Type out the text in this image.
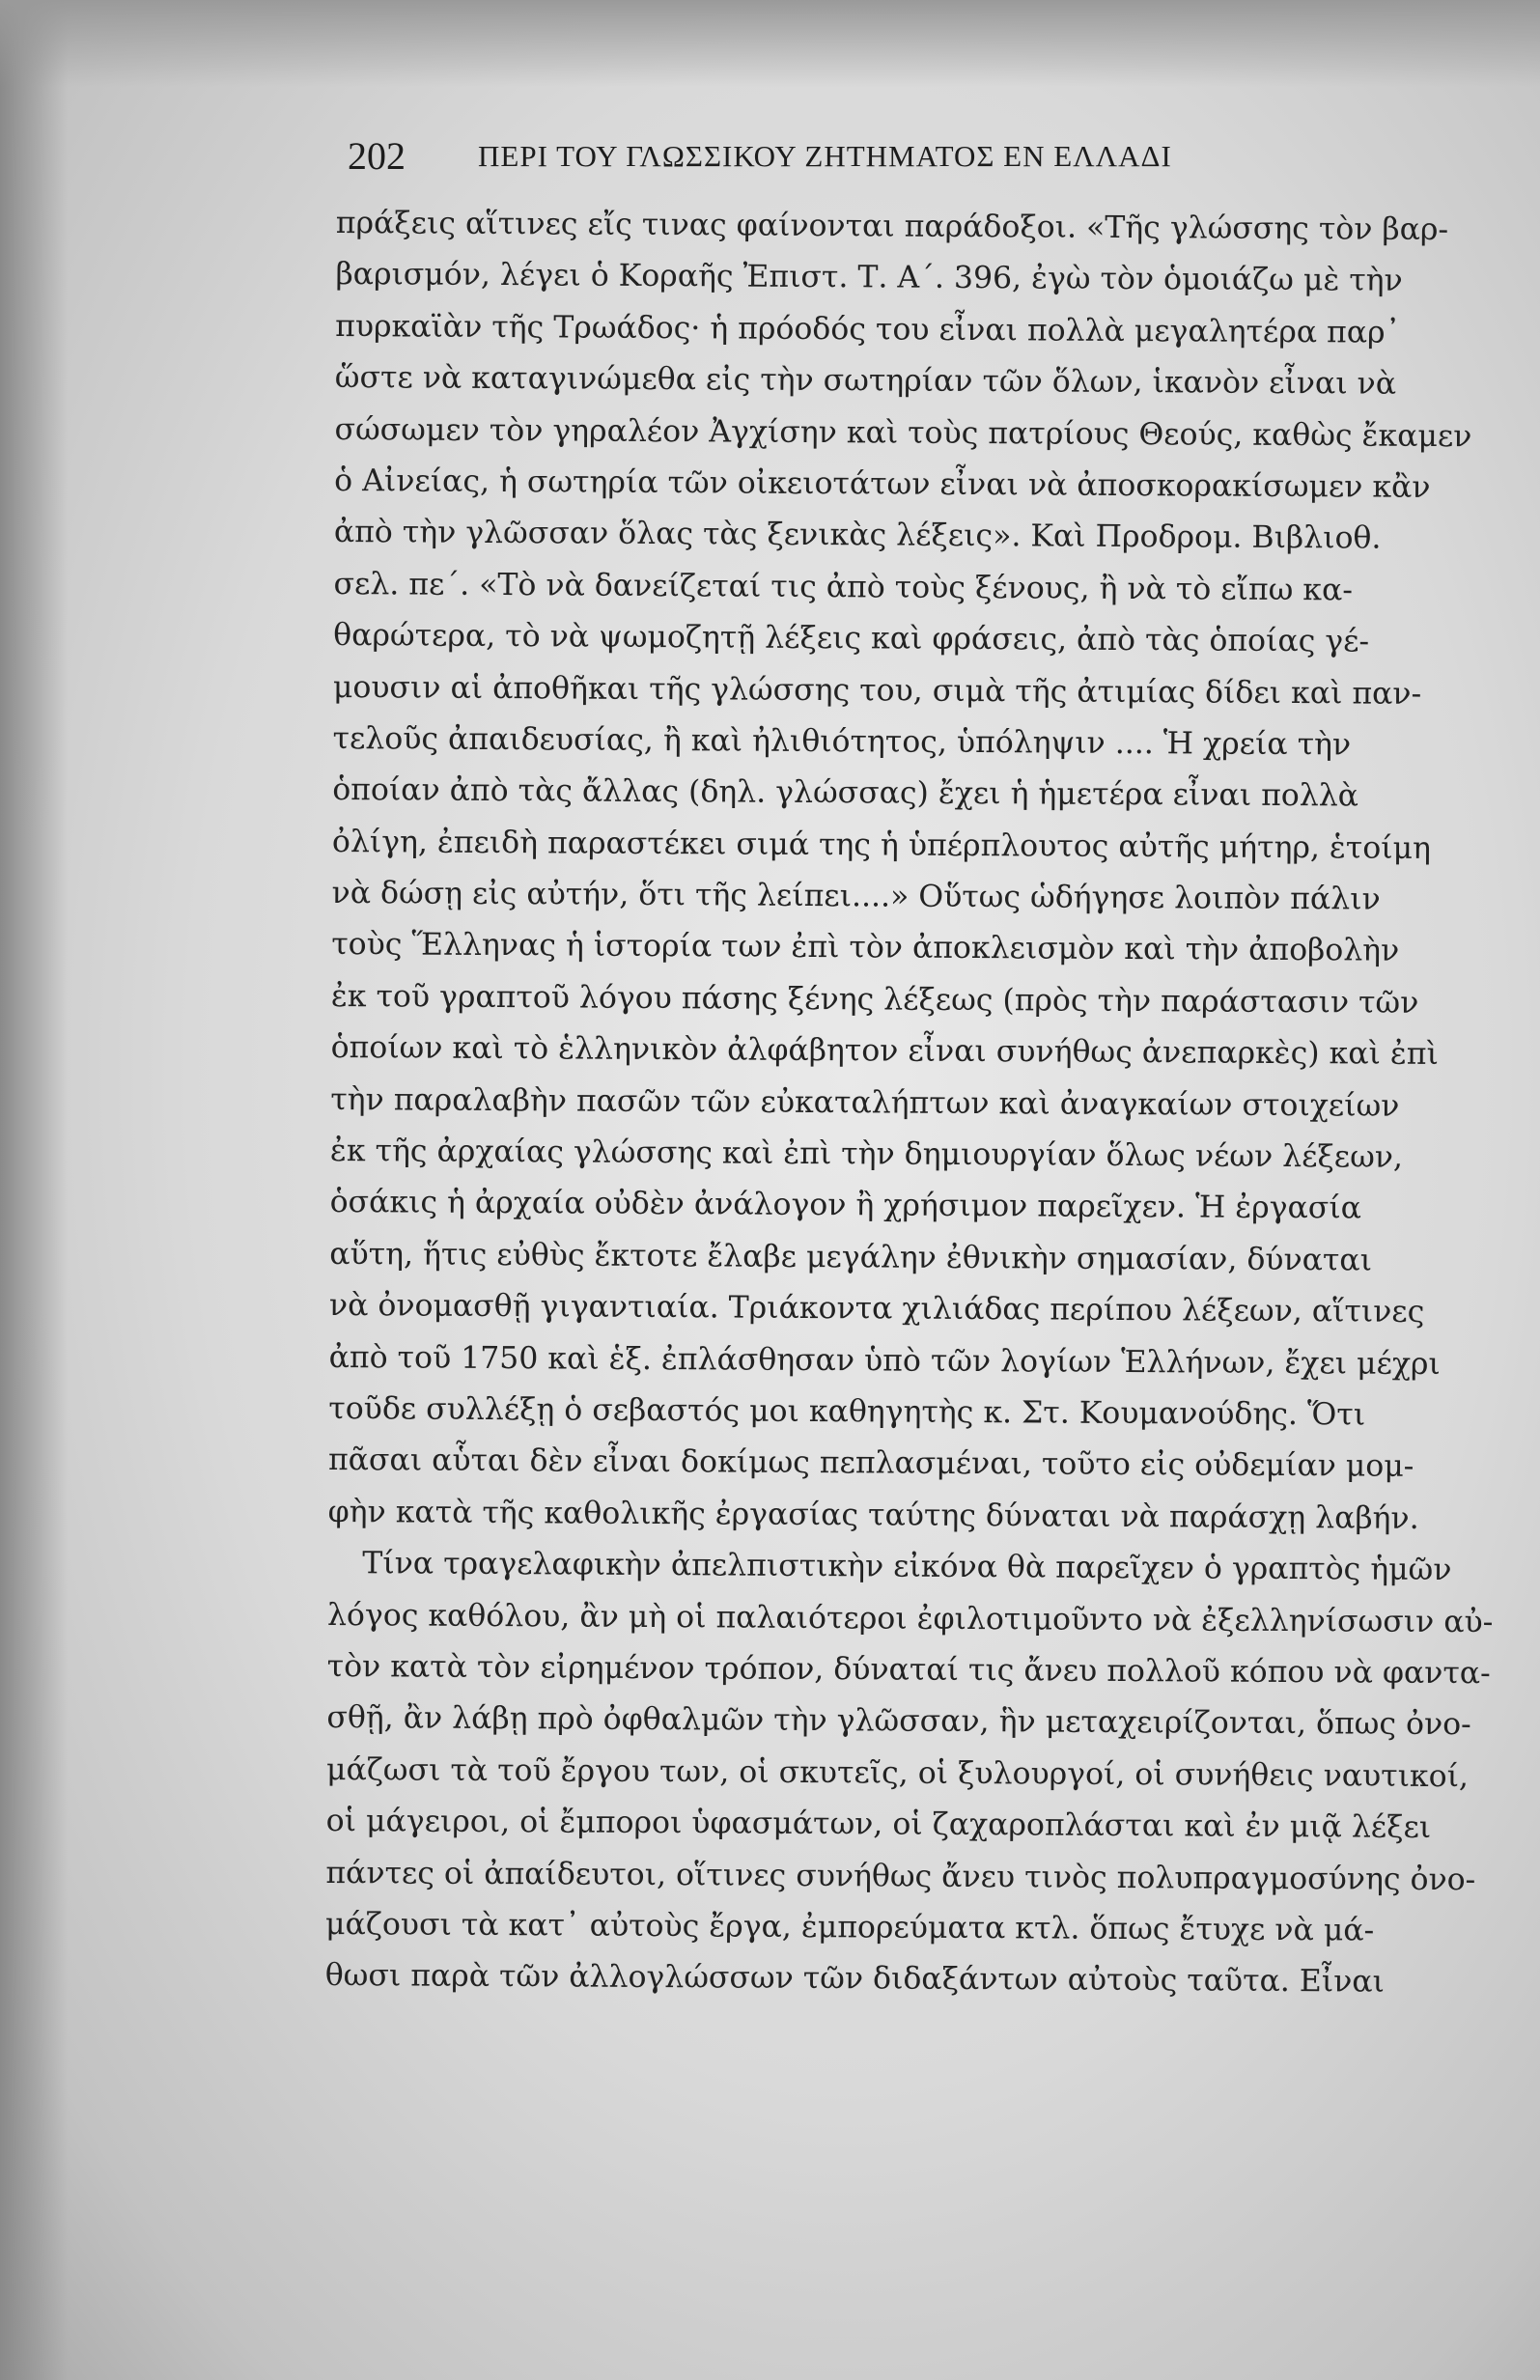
202 ΠΕΡΙ ΤΟΥ ΓΛΩΣΣΙΚΟΥ ΖΗΤΗΜΑΤΟΣ ΕΝ ΕΛΛΑΔΙ
πράξεις αἵτινες εἴς τινας φαίνονται παράδοξοι. «Τῆς γλώσσης τὸν βαρ-
βαρισμόν, λέγει ὁ Κοραῆς Ἐπιστ. Τ. Α΄. 396, ἐγὼ τὸν ὁμοιάζω μὲ τὴν
πυρκαϊὰν τῆς Τρωάδος· ἡ πρόοδός του εἶναι πολλὰ μεγαλητέρα παρ᾽
ὥστε νὰ καταγινώμεθα εἰς τὴν σωτηρίαν τῶν ὅλων, ἱκανὸν εἶναι νὰ
σώσωμεν τὸν γηραλέον Ἀγχίσην καὶ τοὺς πατρίους Θεούς, καθὼς ἔκαμεν
ὁ Αἰνείας, ἡ σωτηρία τῶν οἰκειοτάτων εἶναι νὰ ἀποσκορακίσωμεν κἂν
ἀπὸ τὴν γλῶσσαν ὅλας τὰς ξενικὰς λέξεις». Καὶ Προδρομ. Βιβλιοθ.
σελ. πε΄. «Τὸ νὰ δανείζεταί τις ἀπὸ τοὺς ξένους, ἢ νὰ τὸ εἴπω κα-
θαρώτερα, τὸ νὰ ψωμοζητῇ λέξεις καὶ φράσεις, ἀπὸ τὰς ὁποίας γέ-
μουσιν αἱ ἀποθῆκαι τῆς γλώσσης του, σιμὰ τῆς ἀτιμίας δίδει καὶ παν-
τελοῦς ἀπαιδευσίας, ἢ καὶ ἠλιθιότητος, ὑπόληψιν .... Ἡ χρεία τὴν
ὁποίαν ἀπὸ τὰς ἄλλας (δηλ. γλώσσας) ἔχει ἡ ἡμετέρα εἶναι πολλὰ
ὀλίγη, ἐπειδὴ παραστέκει σιμά της ἡ ὑπέρπλουτος αὐτῆς μήτηρ, ἑτοίμη
νὰ δώσῃ εἰς αὐτήν, ὅτι τῆς λείπει....» Οὕτως ὡδήγησε λοιπὸν πάλιν
τοὺς Ἕλληνας ἡ ἱστορία των ἐπὶ τὸν ἀποκλεισμὸν καὶ τὴν ἀποβολὴν
ἐκ τοῦ γραπτοῦ λόγου πάσης ξένης λέξεως (πρὸς τὴν παράστασιν τῶν
ὁποίων καὶ τὸ ἑλληνικὸν ἀλφάβητον εἶναι συνήθως ἀνεπαρκὲς) καὶ ἐπὶ
τὴν παραλαβὴν πασῶν τῶν εὐκαταλήπτων καὶ ἀναγκαίων στοιχείων
ἐκ τῆς ἀρχαίας γλώσσης καὶ ἐπὶ τὴν δημιουργίαν ὅλως νέων λέξεων,
ὁσάκις ἡ ἀρχαία οὐδὲν ἀνάλογον ἢ χρήσιμον παρεῖχεν. Ἡ ἐργασία
αὕτη, ἥτις εὐθὺς ἔκτοτε ἔλαβε μεγάλην ἐθνικὴν σημασίαν, δύναται
νὰ ὀνομασθῇ γιγαντιαία. Τριάκοντα χιλιάδας περίπου λέξεων, αἵτινες
ἀπὸ τοῦ 1750 καὶ ἑξ. ἐπλάσθησαν ὑπὸ τῶν λογίων Ἑλλήνων, ἔχει μέχρι
τοῦδε συλλέξῃ ὁ σεβαστός μοι καθηγητὴς κ. Στ. Κουμανούδης. Ὅτι
πᾶσαι αὗται δὲν εἶναι δοκίμως πεπλασμέναι, τοῦτο εἰς οὐδεμίαν μομ-
φὴν κατὰ τῆς καθολικῆς ἐργασίας ταύτης δύναται νὰ παράσχῃ λαβήν.
Τίνα τραγελαφικὴν ἀπελπιστικὴν εἰκόνα θὰ παρεῖχεν ὁ γραπτὸς ἡμῶν
λόγος καθόλου, ἂν μὴ οἱ παλαιότεροι ἐφιλοτιμοῦντο νὰ ἐξελληνίσωσιν αὐ-
τὸν κατὰ τὸν εἰρημένον τρόπον, δύναταί τις ἄνευ πολλοῦ κόπου νὰ φαντα-
σθῇ, ἂν λάβῃ πρὸ ὀφθαλμῶν τὴν γλῶσσαν, ἣν μεταχειρίζονται, ὅπως ὀνο-
μάζωσι τὰ τοῦ ἔργου των, οἱ σκυτεῖς, οἱ ξυλουργοί, οἱ συνήθεις ναυτικοί,
οἱ μάγειροι, οἱ ἔμποροι ὑφασμάτων, οἱ ζαχαροπλάσται καὶ ἐν μιᾷ λέξει
πάντες οἱ ἀπαίδευτοι, οἵτινες συνήθως ἄνευ τινὸς πολυπραγμοσύνης ὀνο-
μάζουσι τὰ κατ᾽ αὐτοὺς ἔργα, ἐμπορεύματα κτλ. ὅπως ἔτυχε νὰ μά-
θωσι παρὰ τῶν ἀλλογλώσσων τῶν διδαξάντων αὐτοὺς ταῦτα. Εἶναι
